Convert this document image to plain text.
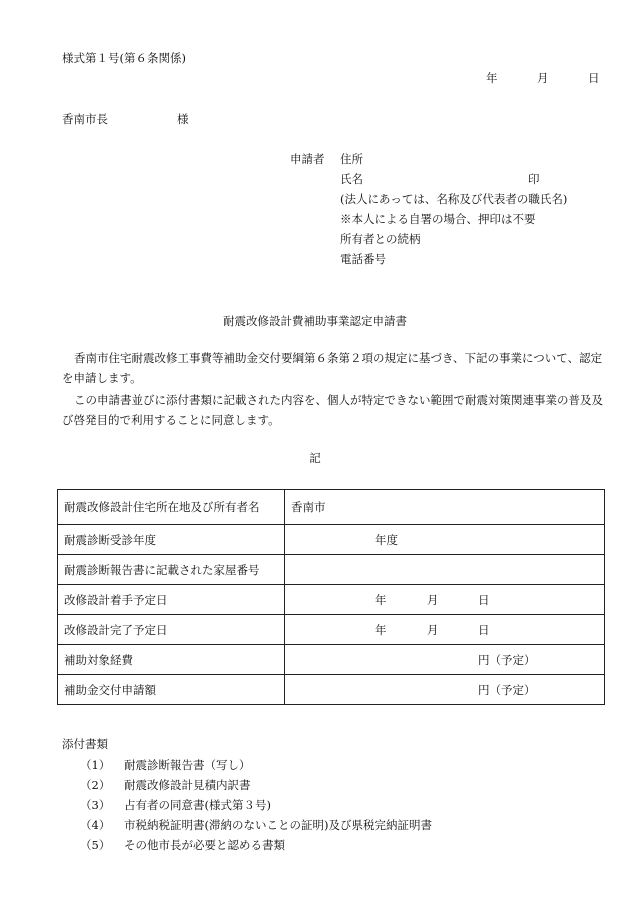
様式第１号(第６条関係)
年	月	日
香南市長	様
申請者 住所
氏名	印
(法人にあっては、名称及び代表者の職氏名)
※本人による自署の場合、押印は不要
所有者との続柄
電話番号
耐震改修設計費補助事業認定申請書
香南市住宅耐震改修工事費等補助金交付要綱第６条第２項の規定に基づき、下記の事業について、認定を申請します。
この申請書並びに添付書類に記載された内容を、個人が特定できない範囲で耐震対策関連事業の普及及び啓発目的で利用することに同意します。
記
耐震改修設計住宅所在地及び所有者名	香南市
耐震診断受診年度	年度

耐震診断報告書に記載された家屋番号	
改修設計着手予定日	年 月 日

改修設計完了予定日	年 月 日

補助対象経費	円（予定）

補助金交付申請額	円（予定）
添付書類
（1） 耐震診断報告書（写し）
（2） 耐震改修設計見積内訳書
（3） 占有者の同意書(様式第３号)
（4） 市税納税証明書(滞納のないことの証明)及び県税完納証明書
（5） その他市長が必要と認める書類
